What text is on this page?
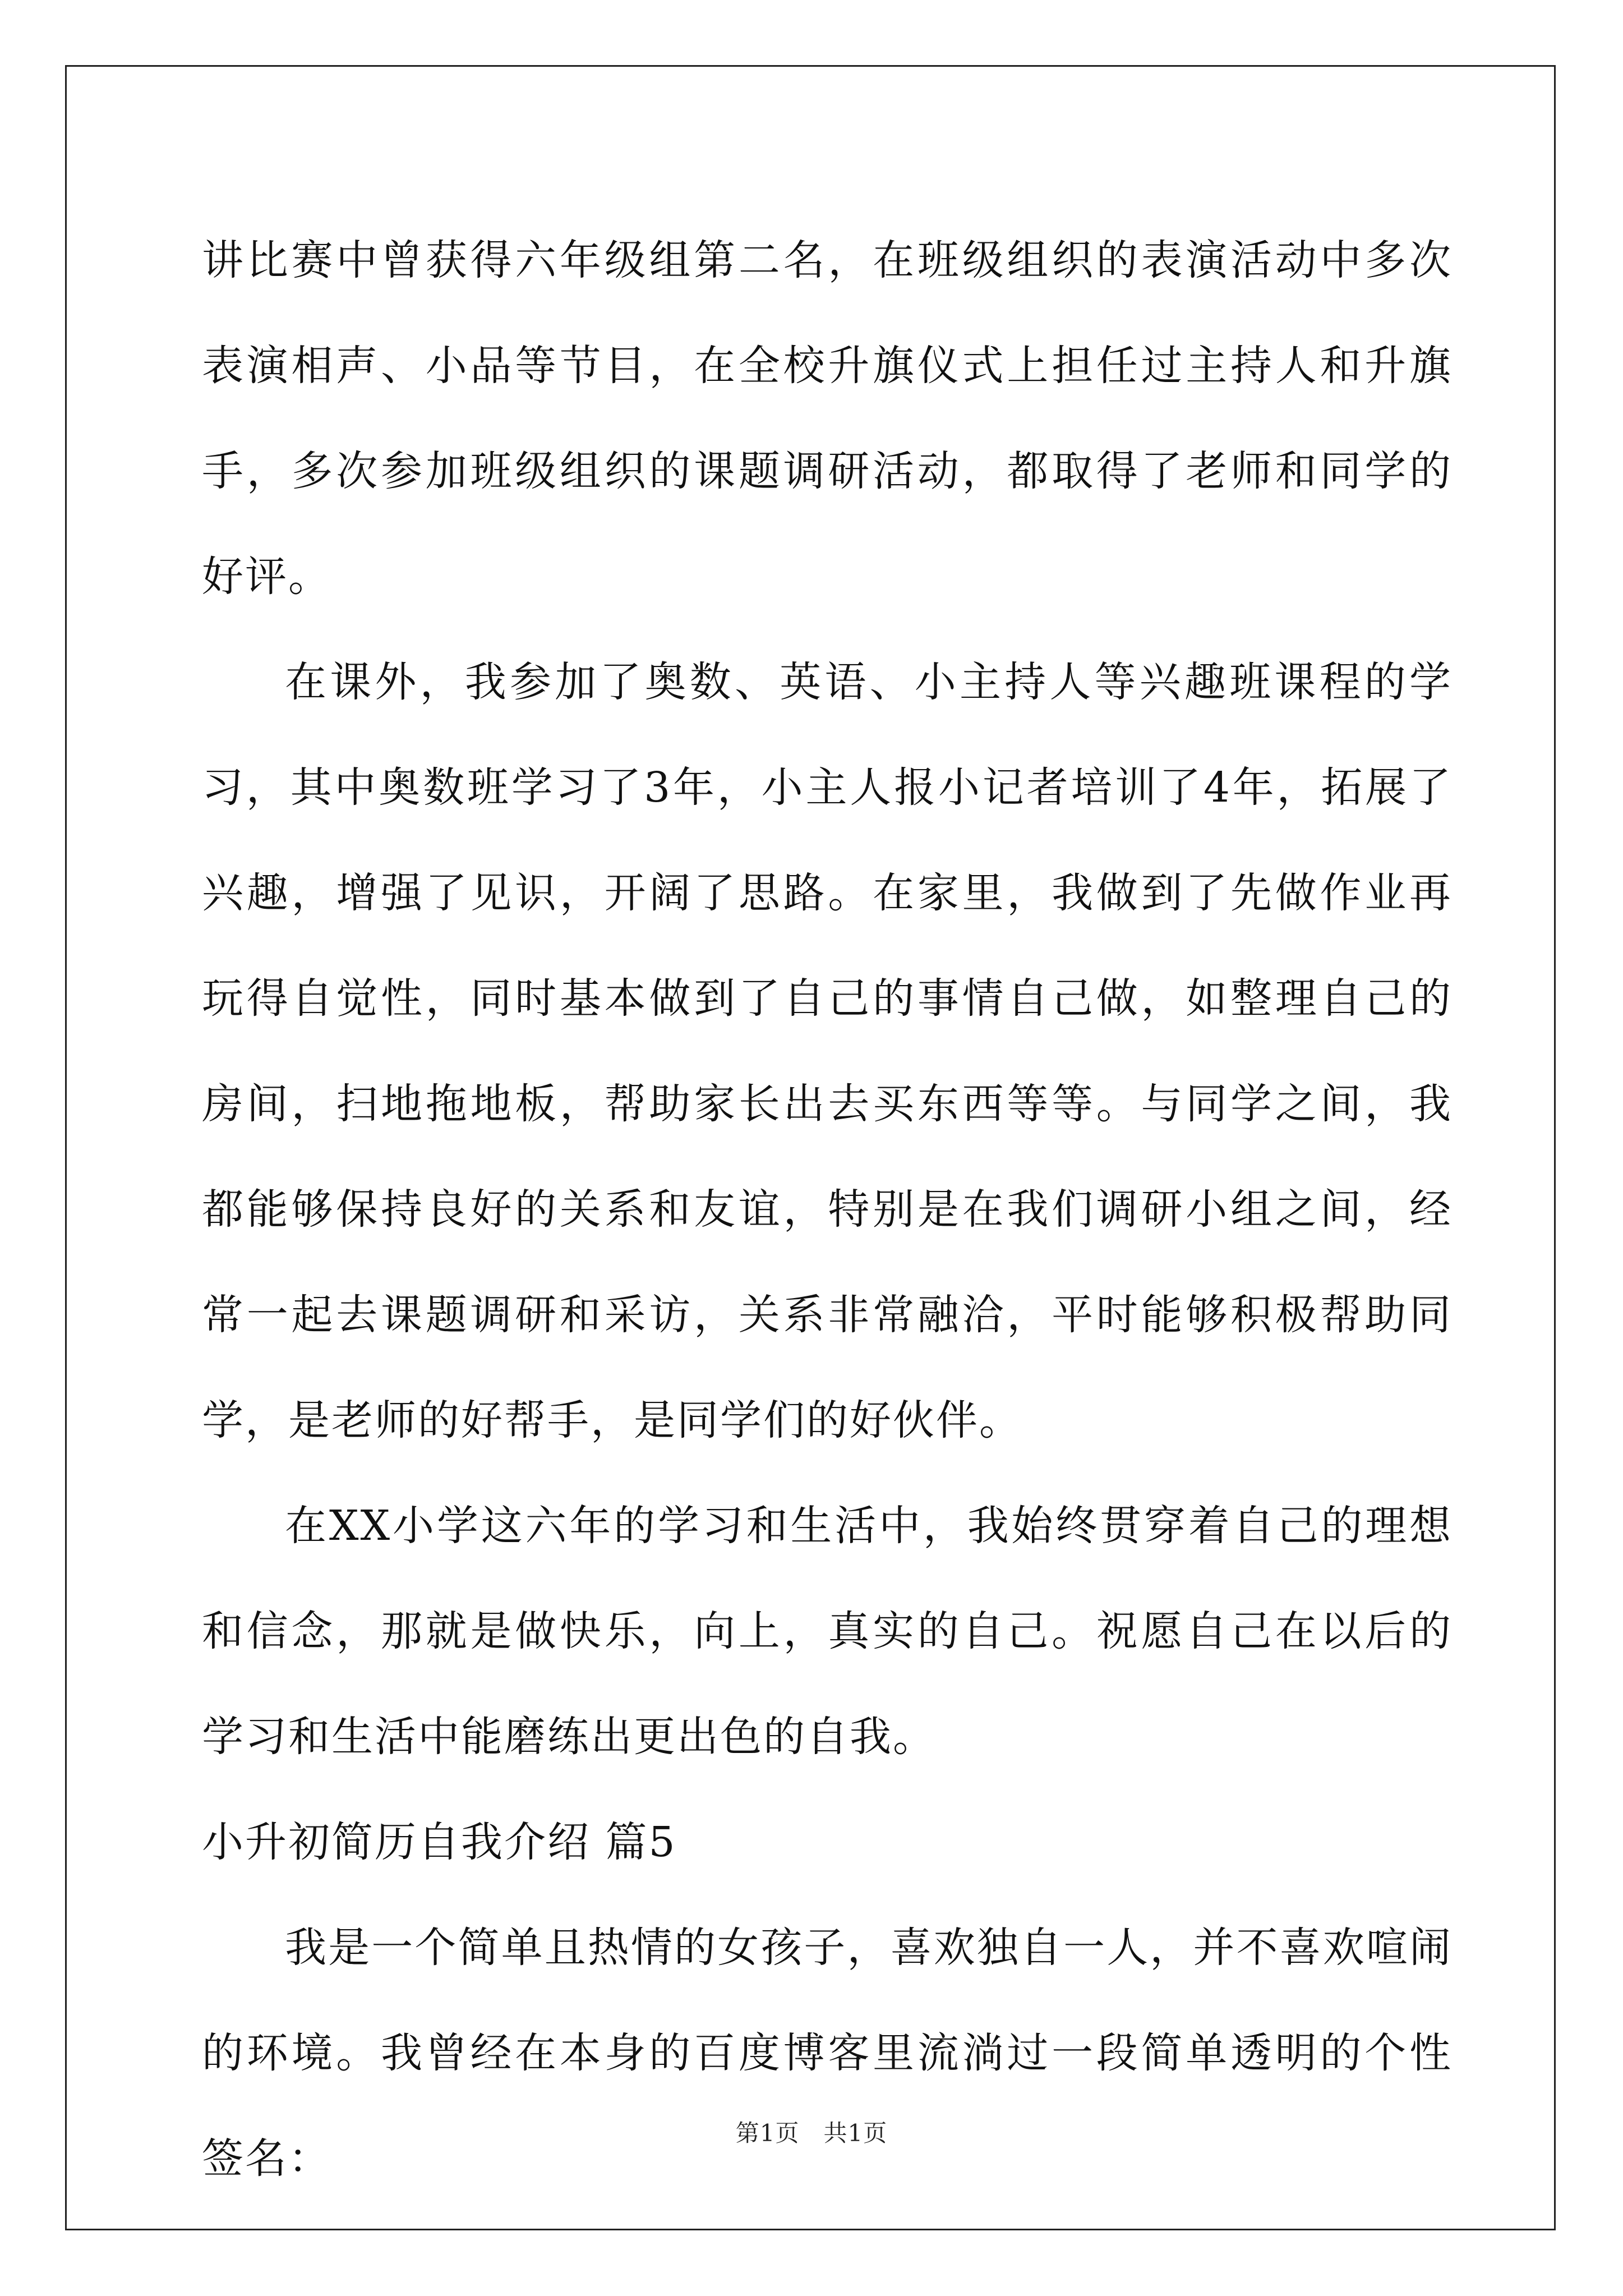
讲比赛中曾获得六年级组第二名，在班级组织的表演活动中多次表演相声、小品等节目，在全校升旗仪式上担任过主持人和升旗手，多次参加班级组织的课题调研活动，都取得了老师和同学的好评。

在课外，我参加了奥数、英语、小主持人等兴趣班课程的学习，其中奥数班学习了3年，小主人报小记者培训了4年，拓展了兴趣，增强了见识，开阔了思路。在家里，我做到了先做作业再玩得自觉性，同时基本做到了自己的事情自己做，如整理自己的房间，扫地拖地板，帮助家长出去买东西等等。与同学之间，我都能够保持良好的关系和友谊，特别是在我们调研小组之间，经常一起去课题调研和采访，关系非常融洽，平时能够积极帮助同学，是老师的好帮手，是同学们的好伙伴。

在XX小学这六年的学习和生活中，我始终贯穿着自己的理想和信念，那就是做快乐，向上，真实的自己。祝愿自己在以后的学习和生活中能磨练出更出色的自我。

小升初简历自我介绍 篇5

我是一个简单且热情的女孩子，喜欢独自一人，并不喜欢喧闹的环境。我曾经在本身的百度博客里流淌过一段简单透明的个性签名：

第1页　共1页
